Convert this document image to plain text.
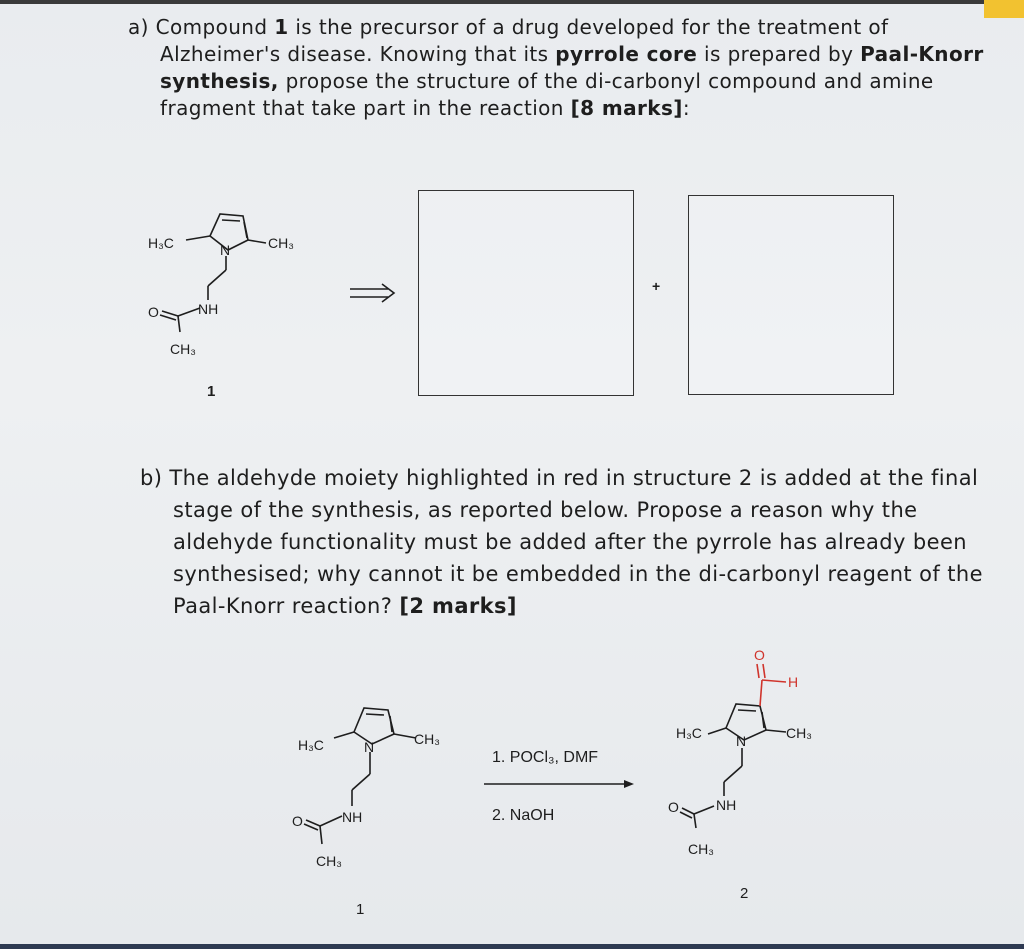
a) Compound 1 is the precursor of a drug developed for the treatment of
Alzheimer's disease. Knowing that its pyrrole core is prepared by Paal-Knorr
synthesis, propose the structure of the di-carbonyl compound and amine
fragment that take part in the reaction [8 marks]:
H₃C	N	CH₃
O	NH
CH₃
1
+
b) The aldehyde moiety highlighted in red in structure 2 is added at the final
stage of the synthesis, as reported below. Propose a reason why the
aldehyde functionality must be added after the pyrrole has already been
synthesised; why cannot it be embedded in the di-carbonyl reagent of the
Paal-Knorr reaction? [2 marks]
H₃C	N	CH₃
O	NH
CH₃
1
1. POCl₃, DMF
2. NaOH
O
H
H₃C N	CH₃
O	NH
CH₃
2
